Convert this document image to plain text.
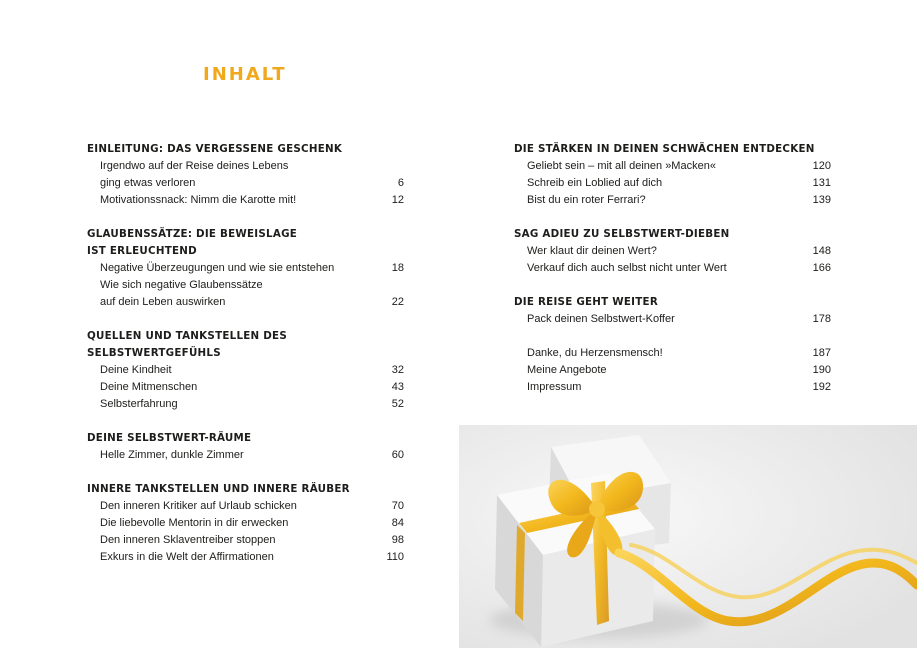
INHALT
EINLEITUNG: DAS VERGESSENE GESCHENK
Irgendwo auf der Reise deines Lebens
ging etwas verloren	6
Motivationssnack: Nimm die Karotte mit!	12
GLAUBENSSÄTZE: DIE BEWEISLAGE
IST ERLEUCHTEND
Negative Überzeugungen und wie sie entstehen	18
Wie sich negative Glaubenssätze
auf dein Leben auswirken	22
QUELLEN UND TANKSTELLEN DES
SELBSTWERTGEFÜHLS
Deine Kindheit	32
Deine Mitmenschen	43
Selbsterfahrung	52
DEINE SELBSTWERT-RÄUME
Helle Zimmer, dunkle Zimmer	60
INNERE TANKSTELLEN UND INNERE RÄUBER
Den inneren Kritiker auf Urlaub schicken	70
Die liebevolle Mentorin in dir erwecken	84
Den inneren Sklaventreiber stoppen	98
Exkurs in die Welt der Affirmationen	110
DIE STÄRKEN IN DEINEN SCHWÄCHEN ENTDECKEN
Geliebt sein – mit all deinen »Macken«	120
Schreib ein Loblied auf dich	131
Bist du ein roter Ferrari?	139
SAG ADIEU ZU SELBSTWERT-DIEBEN
Wer klaut dir deinen Wert?	148
Verkauf dich auch selbst nicht unter Wert	166
DIE REISE GEHT WEITER
Pack deinen Selbstwert-Koffer	178
Danke, du Herzensmensch!	187
Meine Angebote	190
Impressum	192
